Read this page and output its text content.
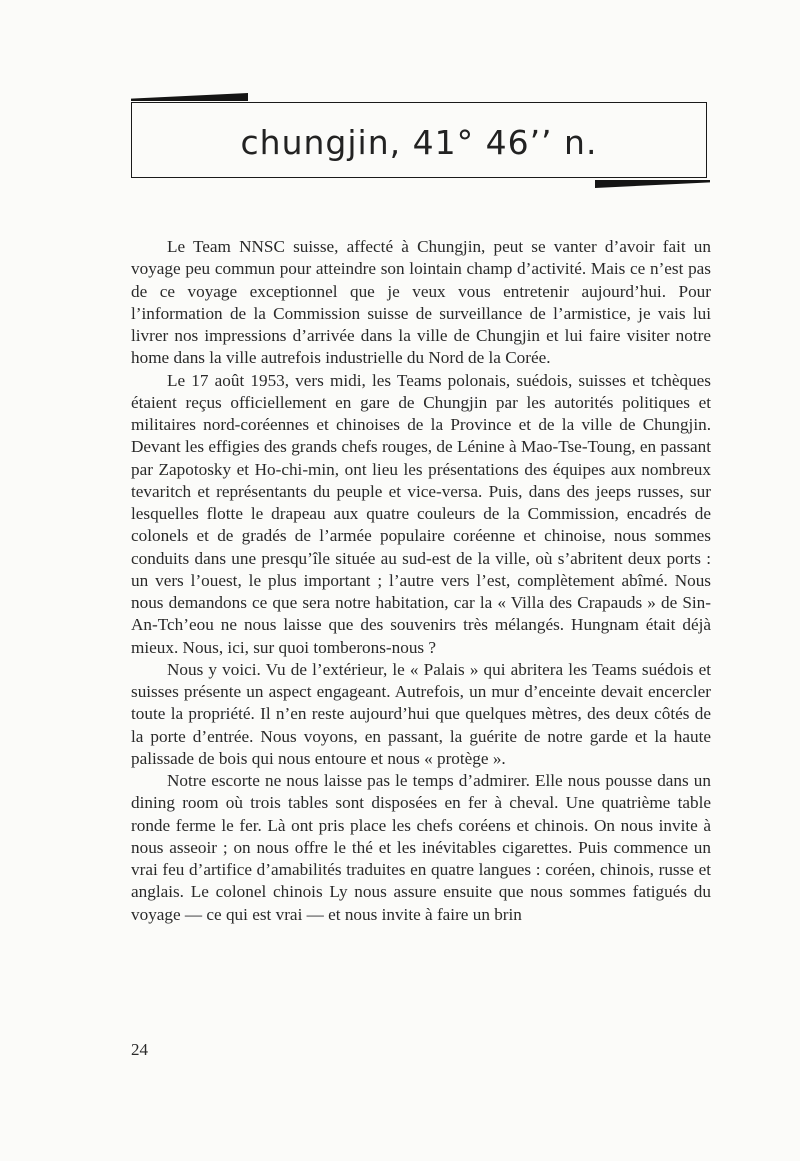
chungjin, 41° 46’’ n.

Le Team NNSC suisse, affecté à Chungjin, peut se vanter d’avoir fait un voyage peu commun pour atteindre son lointain champ d’activité. Mais ce n’est pas de ce voyage exceptionnel que je veux vous entretenir aujourd’hui. Pour l’information de la Commission suisse de surveillance de l’armistice, je vais lui livrer nos impressions d’arrivée dans la ville de Chungjin et lui faire visiter notre home dans la ville autrefois industrielle du Nord de la Corée.

Le 17 août 1953, vers midi, les Teams polonais, suédois, suisses et tchèques étaient reçus officiellement en gare de Chungjin par les autorités politiques et militaires nord-coréennes et chinoises de la Province et de la ville de Chungjin. Devant les effigies des grands chefs rouges, de Lénine à Mao-Tse-Toung, en passant par Zapotosky et Ho-chi-min, ont lieu les présentations des équipes aux nombreux tevaritch et représentants du peuple et vice-versa. Puis, dans des jeeps russes, sur lesquelles flotte le drapeau aux quatre couleurs de la Commission, encadrés de colonels et de gradés de l’armée populaire coréenne et chinoise, nous sommes conduits dans une presqu’île située au sud-est de la ville, où s’abritent deux ports : un vers l’ouest, le plus important ; l’autre vers l’est, complètement abîmé. Nous nous demandons ce que sera notre habitation, car la « Villa des Crapauds » de Sin-An-Tch’eou ne nous laisse que des souvenirs très mélangés. Hungnam était déjà mieux. Nous, ici, sur quoi tomberons-nous ?

Nous y voici. Vu de l’extérieur, le « Palais » qui abritera les Teams suédois et suisses présente un aspect engageant. Autrefois, un mur d’enceinte devait encercler toute la propriété. Il n’en reste aujourd’hui que quelques mètres, des deux côtés de la porte d’entrée. Nous voyons, en passant, la guérite de notre garde et la haute palissade de bois qui nous entoure et nous « protège ».

Notre escorte ne nous laisse pas le temps d’admirer. Elle nous pousse dans un dining room où trois tables sont disposées en fer à cheval. Une quatrième table ronde ferme le fer. Là ont pris place les chefs coréens et chinois. On nous invite à nous asseoir ; on nous offre le thé et les inévitables cigarettes. Puis commence un vrai feu d’artifice d’amabilités traduites en quatre langues : coréen, chinois, russe et anglais. Le colonel chinois Ly nous assure ensuite que nous sommes fatigués du voyage — ce qui est vrai — et nous invite à faire un brin

24
